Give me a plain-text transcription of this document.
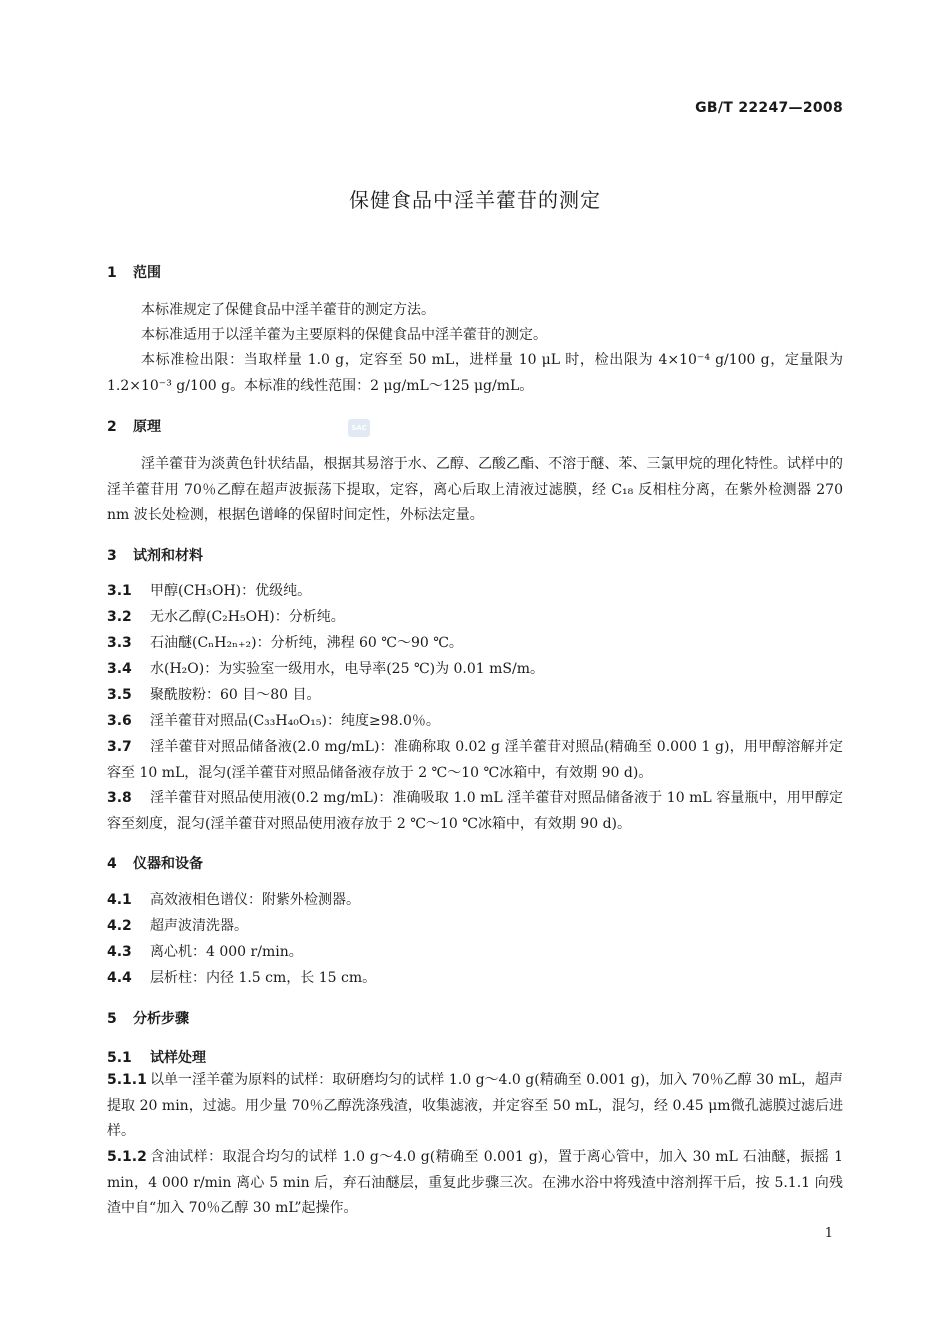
GB/T 22247—2008
保健食品中淫羊藿苷的测定
1 范围
本标准规定了保健食品中淫羊藿苷的测定方法。
本标准适用于以淫羊藿为主要原料的保健食品中淫羊藿苷的测定。
本标准检出限：当取样量 1.0 g，定容至 50 mL，进样量 10 μL 时，检出限为 4×10⁻⁴ g/100 g，定量限为 1.2×10⁻³ g/100 g。本标准的线性范围：2 μg/mL～125 μg/mL。
2 原理	SAC
淫羊藿苷为淡黄色针状结晶，根据其易溶于水、乙醇、乙酸乙酯、不溶于醚、苯、三氯甲烷的理化特性。试样中的淫羊藿苷用 70％乙醇在超声波振荡下提取，定容，离心后取上清液过滤膜，经 C₁₈ 反相柱分离，在紫外检测器 270 nm 波长处检测，根据色谱峰的保留时间定性，外标法定量。
3 试剂和材料
3.1 甲醇(CH₃OH)：优级纯。
3.2 无水乙醇(C₂H₅OH)：分析纯。
3.3 石油醚(CₙH₂ₙ₊₂)：分析纯，沸程 60 ℃～90 ℃。
3.4 水(H₂O)：为实验室一级用水，电导率(25 ℃)为 0.01 mS/m。
3.5 聚酰胺粉：60 目～80 目。
3.6 淫羊藿苷对照品(C₃₃H₄₀O₁₅)：纯度≥98.0％。
3.7 淫羊藿苷对照品储备液(2.0 mg/mL)：准确称取 0.02 g 淫羊藿苷对照品(精确至 0.000 1 g)，用甲醇溶解并定容至 10 mL，混匀(淫羊藿苷对照品储备液存放于 2 ℃～10 ℃冰箱中，有效期 90 d)。
3.8 淫羊藿苷对照品使用液(0.2 mg/mL)：准确吸取 1.0 mL 淫羊藿苷对照品储备液于 10 mL 容量瓶中，用甲醇定容至刻度，混匀(淫羊藿苷对照品使用液存放于 2 ℃～10 ℃冰箱中，有效期 90 d)。
4 仪器和设备
4.1 高效液相色谱仪：附紫外检测器。
4.2 超声波清洗器。
4.3 离心机：4 000 r/min。
4.4 层析柱：内径 1.5 cm，长 15 cm。
5 分析步骤
5.1 试样处理
5.1.1 以单一淫羊藿为原料的试样：取研磨均匀的试样 1.0 g～4.0 g(精确至 0.001 g)，加入 70％乙醇 30 mL，超声提取 20 min，过滤。用少量 70％乙醇洗涤残渣，收集滤液，并定容至 50 mL，混匀，经 0.45 μm微孔滤膜过滤后进样。
5.1.2 含油试样：取混合均匀的试样 1.0 g～4.0 g(精确至 0.001 g)，置于离心管中，加入 30 mL 石油醚，振摇 1 min，4 000 r/min 离心 5 min 后，弃石油醚层，重复此步骤三次。在沸水浴中将残渣中溶剂挥干后，按 5.1.1 向残渣中自“加入 70％乙醇 30 mL”起操作。
1
